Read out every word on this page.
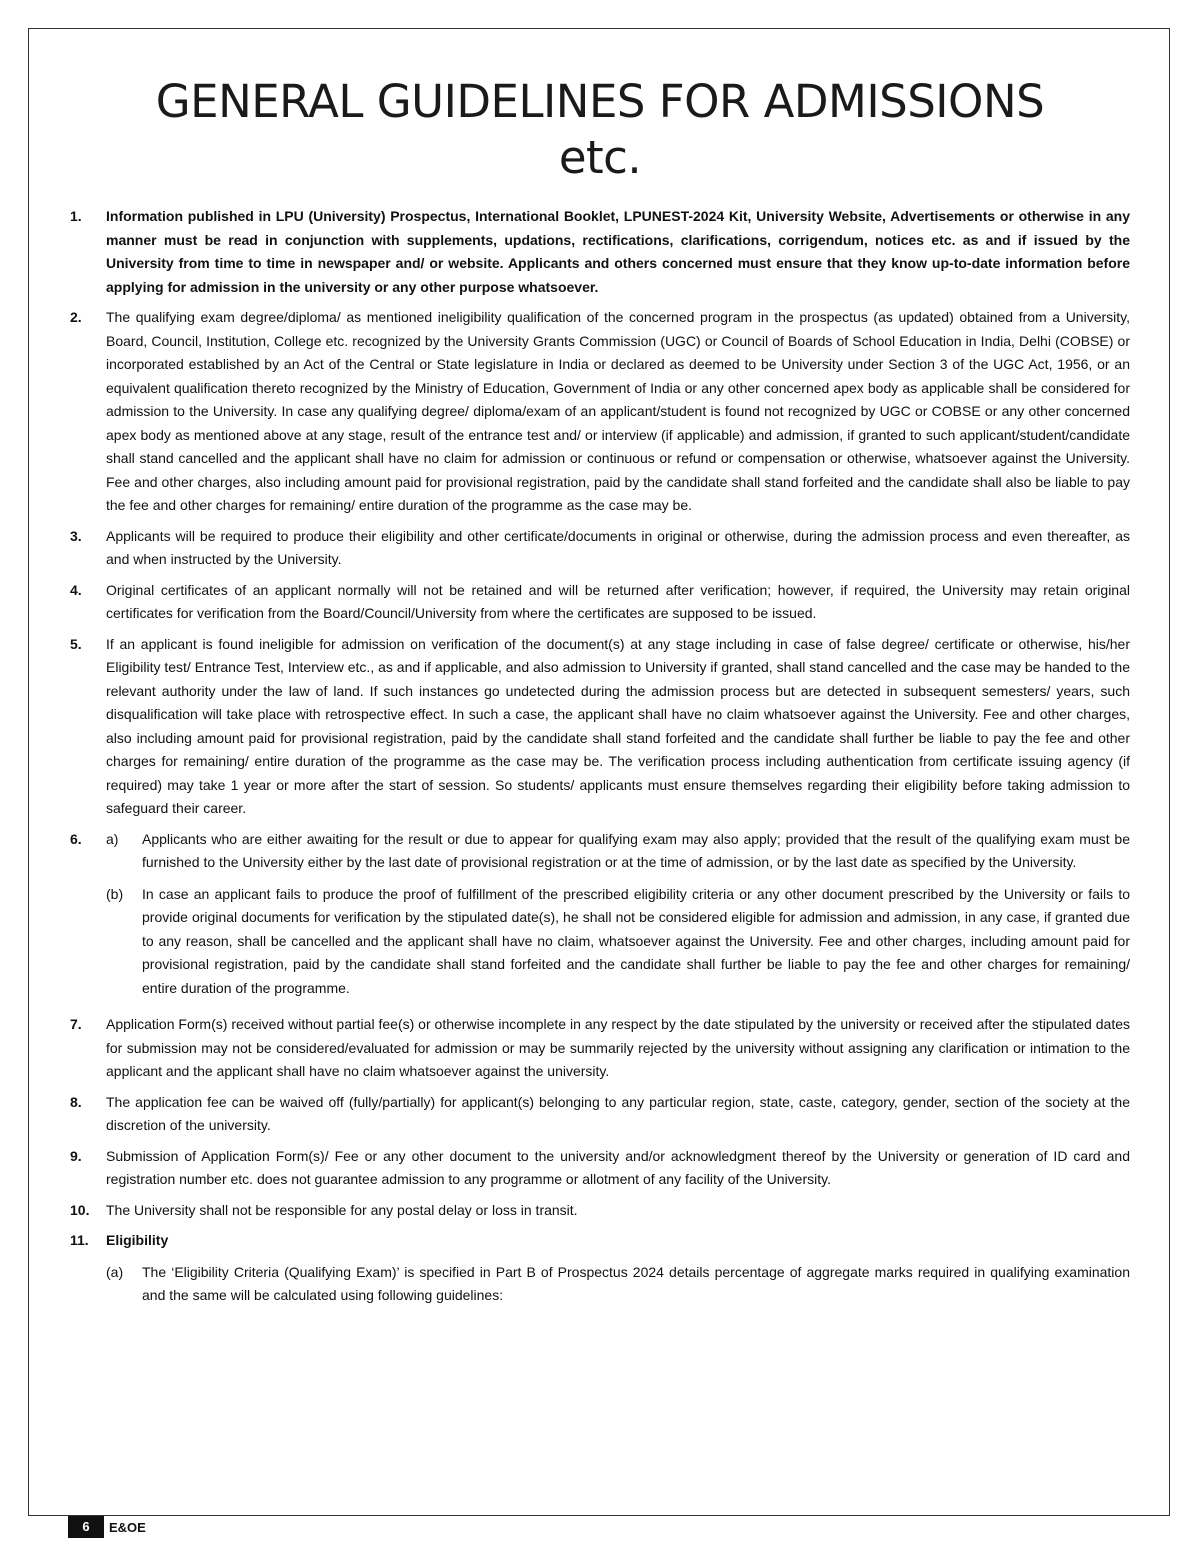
GENERAL GUIDELINES FOR ADMISSIONS
etc.
1.	Information published in LPU (University) Prospectus, International Booklet, LPUNEST-2024 Kit, University Website, Advertisements or otherwise in any manner must be read in conjunction with supplements, updations, rectifications, clarifications, corrigendum, notices etc. as and if issued by the University from time to time in newspaper and/ or website. Applicants and others concerned must ensure that they know up-to-date information before applying for admission in the university or any other purpose whatsoever.
2.	The qualifying exam degree/diploma/ as mentioned ineligibility qualification of the concerned program in the prospectus (as updated) obtained from a University, Board, Council, Institution, College etc. recognized by the University Grants Commission (UGC) or Council of Boards of School Education in India, Delhi (COBSE) or incorporated established by an Act of the Central or State legislature in India or declared as deemed to be University under Section 3 of the UGC Act, 1956, or an equivalent qualification thereto recognized by the Ministry of Education, Government of India or any other concerned apex body as applicable shall be considered for admission to the University. In case any qualifying degree/ diploma/exam of an applicant/student is found not recognized by UGC or COBSE or any other concerned apex body as mentioned above at any stage, result of the entrance test and/ or interview (if applicable) and admission, if granted to such applicant/student/candidate shall stand cancelled and the applicant shall have no claim for admission or continuous or refund or compensation or otherwise, whatsoever against the University. Fee and other charges, also including amount paid for provisional registration, paid by the candidate shall stand forfeited and the candidate shall also be liable to pay the fee and other charges for remaining/ entire duration of the programme as the case may be.
3.	Applicants will be required to produce their eligibility and other certificate/documents in original or otherwise, during the admission process and even thereafter, as and when instructed by the University.
4.	Original certificates of an applicant normally will not be retained and will be returned after verification; however, if required, the University may retain original certificates for verification from the Board/Council/University from where the certificates are supposed to be issued.
5.	If an applicant is found ineligible for admission on verification of the document(s) at any stage including in case of false degree/ certificate or otherwise, his/her Eligibility test/ Entrance Test, Interview etc., as and if applicable, and also admission to University if granted, shall stand cancelled and the case may be handed to the relevant authority under the law of land. If such instances go undetected during the admission process but are detected in subsequent semesters/ years, such disqualification will take place with retrospective effect. In such a case, the applicant shall have no claim whatsoever against the University. Fee and other charges, also including amount paid for provisional registration, paid by the candidate shall stand forfeited and the candidate shall further be liable to pay the fee and other charges for remaining/ entire duration of the programme as the case may be. The verification process including authentication from certificate issuing agency (if required) may take 1 year or more after the start of session. So students/ applicants must ensure themselves regarding their eligibility before taking admission to safeguard their career.
6.	a)	Applicants who are either awaiting for the result or due to appear for qualifying exam may also apply; provided that the result of the qualifying exam must be furnished to the University either by the last date of provisional registration or at the time of admission, or by the last date as specified by the University.
(b)	In case an applicant fails to produce the proof of fulfillment of the prescribed eligibility criteria or any other document prescribed by the University or fails to provide original documents for verification by the stipulated date(s), he shall not be considered eligible for admission and admission, in any case, if granted due to any reason, shall be cancelled and the applicant shall have no claim, whatsoever against the University. Fee and other charges, including amount paid for provisional registration, paid by the candidate shall stand forfeited and the candidate shall further be liable to pay the fee and other charges for remaining/ entire duration of the programme.
7.	Application Form(s) received without partial fee(s) or otherwise incomplete in any respect by the date stipulated by the university or received after the stipulated dates for submission may not be considered/evaluated for admission or may be summarily rejected by the university without assigning any clarification or intimation to the applicant and the applicant shall have no claim whatsoever against the university.
8.	The application fee can be waived off (fully/partially) for applicant(s) belonging to any particular region, state, caste, category, gender, section of the society at the discretion of the university.
9.	Submission of Application Form(s)/ Fee or any other document to the university and/or acknowledgment thereof by the University or generation of ID card and registration number etc. does not guarantee admission to any programme or allotment of any facility of the University.
10.	The University shall not be responsible for any postal delay or loss in transit.
11.	Eligibility
(a)	The ‘Eligibility Criteria (Qualifying Exam)’ is specified in Part B of Prospectus 2024 details percentage of aggregate marks required in qualifying examination and the same will be calculated using following guidelines:
6	E&OE
